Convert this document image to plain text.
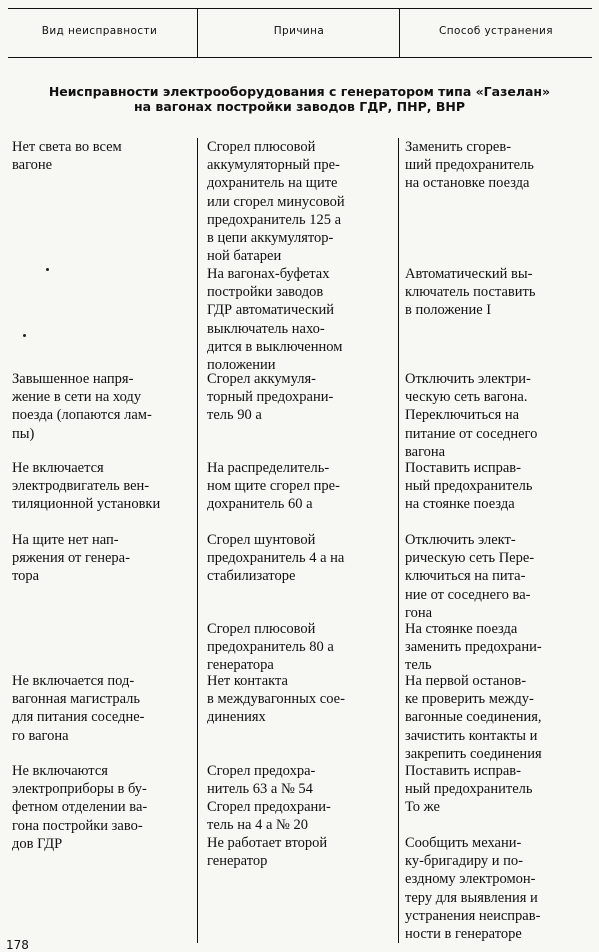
Вид неисправности	Причина	Способ устранения
Неисправности электрооборудования с генератором типа «Газелан»
на вагонах постройки заводов ГДР, ПНР, ВНР
Нет света во всем
вагоне
Сгорел плюсовой
аккумуляторный пре-
дохранитель на щите
или сгорел минусовой
предохранитель 125 а
в цепи аккумулятор-
ной батареи
Заменить сгорев-
ший предохранитель
на остановке поезда
На вагонах-буфетах
постройки заводов
ГДР автоматический
выключатель нахо-
дится в выключенном
положении
Автоматический вы-
ключатель поставить
в положение I
Завышенное напря-
жение в сети на ходу
поезда (лопаются лам-
пы)
Сгорел аккумуля-
торный предохрани-
тель 90 а
Отключить электри-
ческую сеть вагона.
Переключиться на
питание от соседнего
вагона
Не включается
электродвигатель вен-
тиляционной установки
На распределитель-
ном щите сгорел пре-
дохранитель 60 а
Поставить исправ-
ный предохранитель
на стоянке поезда
На щите нет нап-
ряжения от генера-
тора
Сгорел шунтовой
предохранитель 4 а на
стабилизаторе
Отключить элект-
рическую сеть Пере-
ключиться на пита-
ние от соседнего ва-
гона
Сгорел плюсовой
предохранитель 80 а
генератора
На стоянке поезда
заменить предохрани-
тель
Не включается под-
вагонная магистраль
для питания соседне-
го вагона
Нет контакта
в междувагонных сое-
динениях
На первой останов-
ке проверить между-
вагонные соединения,
зачистить контакты и
закрепить соединения
Не включаются
электроприборы в бу-
фетном отделении ва-
гона постройки заво-
дов ГДР
Сгорел предохра-
нитель 63 а № 54
Поставить исправ-
ный предохранитель
Сгорел предохрани-
тель на 4 а № 20
То же
Не работает второй
генератор
Сообщить механи-
ку-бригадиру и по-
ездному электромон-
теру для выявления и
устранения неисправ-
ности в генераторе
178
